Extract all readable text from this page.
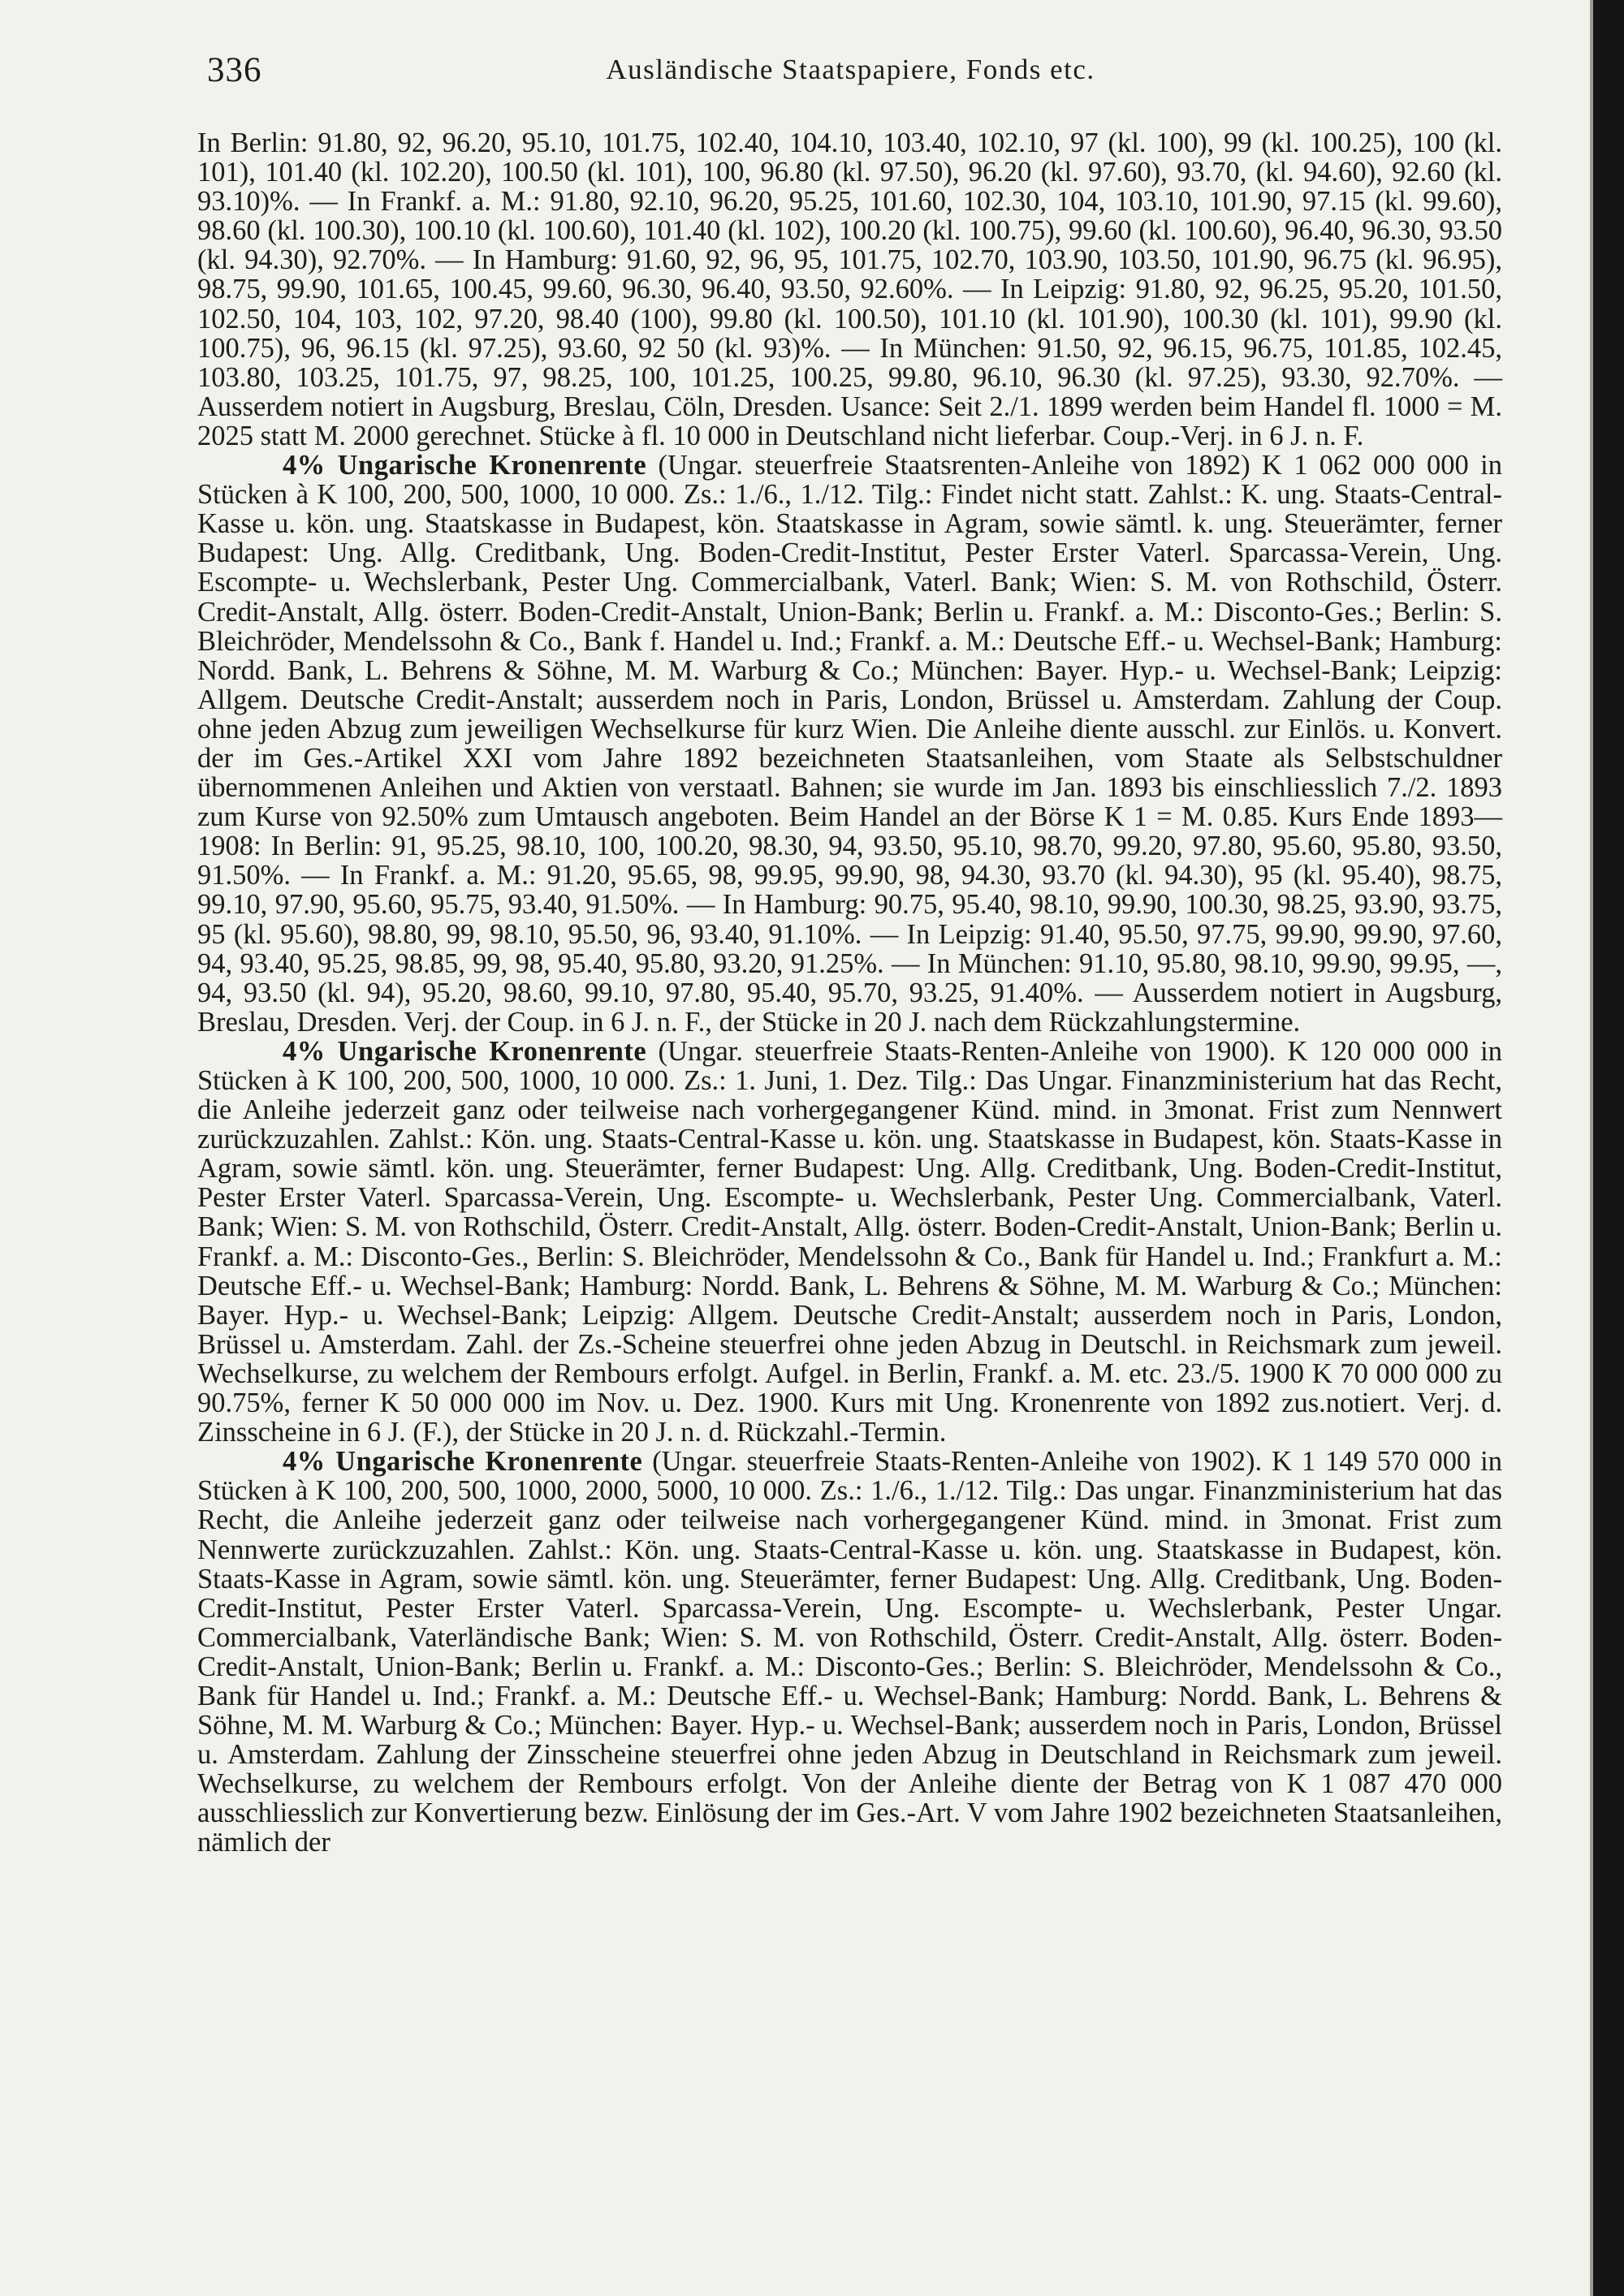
336	Ausländische Staatspapiere, Fonds etc.

In Berlin: 91.80, 92, 96.20, 95.10, 101.75, 102.40, 104.10, 103.40, 102.10, 97 (kl. 100), 99 (kl. 100.25), 100 (kl. 101), 101.40 (kl. 102.20), 100.50 (kl. 101), 100, 96.80 (kl. 97.50), 96.20 (kl. 97.60), 93.70, (kl. 94.60), 92.60 (kl. 93.10)%. — In Frankf. a. M.: 91.80, 92.10, 96.20, 95.25, 101.60, 102.30, 104, 103.10, 101.90, 97.15 (kl. 99.60), 98.60 (kl. 100.30), 100.10 (kl. 100.60), 101.40 (kl. 102), 100.20 (kl. 100.75), 99.60 (kl. 100.60), 96.40, 96.30, 93.50 (kl. 94.30), 92.70%. — In Hamburg: 91.60, 92, 96, 95, 101.75, 102.70, 103.90, 103.50, 101.90, 96.75 (kl. 96.95), 98.75, 99.90, 101.65, 100.45, 99.60, 96.30, 96.40, 93.50, 92.60%. — In Leipzig: 91.80, 92, 96.25, 95.20, 101.50, 102.50, 104, 103, 102, 97.20, 98.40 (100), 99.80 (kl. 100.50), 101.10 (kl. 101.90), 100.30 (kl. 101), 99.90 (kl. 100.75), 96, 96.15 (kl. 97.25), 93.60, 92 50 (kl. 93)%. — In München: 91.50, 92, 96.15, 96.75, 101.85, 102.45, 103.80, 103.25, 101.75, 97, 98.25, 100, 101.25, 100.25, 99.80, 96.10, 96.30 (kl. 97.25), 93.30, 92.70%. — Ausserdem notiert in Augsburg, Breslau, Cöln, Dresden. Usance: Seit 2./1. 1899 werden beim Handel fl. 1000 = M. 2025 statt M. 2000 gerechnet. Stücke à fl. 10 000 in Deutschland nicht lieferbar. Coup.-Verj. in 6 J. n. F.

4% Ungarische Kronenrente (Ungar. steuerfreie Staatsrenten-Anleihe von 1892) K 1 062 000 000 in Stücken à K 100, 200, 500, 1000, 10 000. Zs.: 1./6., 1./12. Tilg.: Findet nicht statt. Zahlst.: K. ung. Staats-Central-Kasse u. kön. ung. Staatskasse in Budapest, kön. Staatskasse in Agram, sowie sämtl. k. ung. Steuerämter, ferner Budapest: Ung. Allg. Creditbank, Ung. Boden-Credit-Institut, Pester Erster Vaterl. Sparcassa-Verein, Ung. Escompte- u. Wechslerbank, Pester Ung. Commercialbank, Vaterl. Bank; Wien: S. M. von Rothschild, Österr. Credit-Anstalt, Allg. österr. Boden-Credit-Anstalt, Union-Bank; Berlin u. Frankf. a. M.: Disconto-Ges.; Berlin: S. Bleichröder, Mendelssohn & Co., Bank f. Handel u. Ind.; Frankf. a. M.: Deutsche Eff.- u. Wechsel-Bank; Hamburg: Nordd. Bank, L. Behrens & Söhne, M. M. Warburg & Co.; München: Bayer. Hyp.- u. Wechsel-Bank; Leipzig: Allgem. Deutsche Credit-Anstalt; ausserdem noch in Paris, London, Brüssel u. Amsterdam. Zahlung der Coup. ohne jeden Abzug zum jeweiligen Wechselkurse für kurz Wien. Die Anleihe diente ausschl. zur Einlös. u. Konvert. der im Ges.-Artikel XXI vom Jahre 1892 bezeichneten Staatsanleihen, vom Staate als Selbstschuldner übernommenen Anleihen und Aktien von verstaatl. Bahnen; sie wurde im Jan. 1893 bis einschliesslich 7./2. 1893 zum Kurse von 92.50% zum Umtausch angeboten. Beim Handel an der Börse K 1 = M. 0.85. Kurs Ende 1893—1908: In Berlin: 91, 95.25, 98.10, 100, 100.20, 98.30, 94, 93.50, 95.10, 98.70, 99.20, 97.80, 95.60, 95.80, 93.50, 91.50%. — In Frankf. a. M.: 91.20, 95.65, 98, 99.95, 99.90, 98, 94.30, 93.70 (kl. 94.30), 95 (kl. 95.40), 98.75, 99.10, 97.90, 95.60, 95.75, 93.40, 91.50%. — In Hamburg: 90.75, 95.40, 98.10, 99.90, 100.30, 98.25, 93.90, 93.75, 95 (kl. 95.60), 98.80, 99, 98.10, 95.50, 96, 93.40, 91.10%. — In Leipzig: 91.40, 95.50, 97.75, 99.90, 99.90, 97.60, 94, 93.40, 95.25, 98.85, 99, 98, 95.40, 95.80, 93.20, 91.25%. — In München: 91.10, 95.80, 98.10, 99.90, 99.95, —, 94, 93.50 (kl. 94), 95.20, 98.60, 99.10, 97.80, 95.40, 95.70, 93.25, 91.40%. — Ausserdem notiert in Augsburg, Breslau, Dresden. Verj. der Coup. in 6 J. n. F., der Stücke in 20 J. nach dem Rückzahlungstermine.

4% Ungarische Kronenrente (Ungar. steuerfreie Staats-Renten-Anleihe von 1900). K 120 000 000 in Stücken à K 100, 200, 500, 1000, 10 000. Zs.: 1. Juni, 1. Dez. Tilg.: Das Ungar. Finanzministerium hat das Recht, die Anleihe jederzeit ganz oder teilweise nach vorhergegangener Künd. mind. in 3monat. Frist zum Nennwert zurückzuzahlen. Zahlst.: Kön. ung. Staats-Central-Kasse u. kön. ung. Staatskasse in Budapest, kön. Staats-Kasse in Agram, sowie sämtl. kön. ung. Steuerämter, ferner Budapest: Ung. Allg. Creditbank, Ung. Boden-Credit-Institut, Pester Erster Vaterl. Sparcassa-Verein, Ung. Escompte- u. Wechslerbank, Pester Ung. Commercialbank, Vaterl. Bank; Wien: S. M. von Rothschild, Österr. Credit-Anstalt, Allg. österr. Boden-Credit-Anstalt, Union-Bank; Berlin u. Frankf. a. M.: Disconto-Ges., Berlin: S. Bleichröder, Mendelssohn & Co., Bank für Handel u. Ind.; Frankfurt a. M.: Deutsche Eff.- u. Wechsel-Bank; Hamburg: Nordd. Bank, L. Behrens & Söhne, M. M. Warburg & Co.; München: Bayer. Hyp.- u. Wechsel-Bank; Leipzig: Allgem. Deutsche Credit-Anstalt; ausserdem noch in Paris, London, Brüssel u. Amsterdam. Zahl. der Zs.-Scheine steuerfrei ohne jeden Abzug in Deutschl. in Reichsmark zum jeweil. Wechselkurse, zu welchem der Rembours erfolgt. Aufgel. in Berlin, Frankf. a. M. etc. 23./5. 1900 K 70 000 000 zu 90.75%, ferner K 50 000 000 im Nov. u. Dez. 1900. Kurs mit Ung. Kronenrente von 1892 zus.notiert. Verj. d. Zinsscheine in 6 J. (F.), der Stücke in 20 J. n. d. Rückzahl.-Termin.

4% Ungarische Kronenrente (Ungar. steuerfreie Staats-Renten-Anleihe von 1902). K 1 149 570 000 in Stücken à K 100, 200, 500, 1000, 2000, 5000, 10 000. Zs.: 1./6., 1./12. Tilg.: Das ungar. Finanzministerium hat das Recht, die Anleihe jederzeit ganz oder teilweise nach vorhergegangener Künd. mind. in 3monat. Frist zum Nennwerte zurückzuzahlen. Zahlst.: Kön. ung. Staats-Central-Kasse u. kön. ung. Staatskasse in Budapest, kön. Staats-Kasse in Agram, sowie sämtl. kön. ung. Steuerämter, ferner Budapest: Ung. Allg. Creditbank, Ung. Boden-Credit-Institut, Pester Erster Vaterl. Sparcassa-Verein, Ung. Escompte- u. Wechslerbank, Pester Ungar. Commercialbank, Vaterländische Bank; Wien: S. M. von Rothschild, Österr. Credit-Anstalt, Allg. österr. Boden-Credit-Anstalt, Union-Bank; Berlin u. Frankf. a. M.: Disconto-Ges.; Berlin: S. Bleichröder, Mendelssohn & Co., Bank für Handel u. Ind.; Frankf. a. M.: Deutsche Eff.- u. Wechsel-Bank; Hamburg: Nordd. Bank, L. Behrens & Söhne, M. M. Warburg & Co.; München: Bayer. Hyp.- u. Wechsel-Bank; ausserdem noch in Paris, London, Brüssel u. Amsterdam. Zahlung der Zinsscheine steuerfrei ohne jeden Abzug in Deutschland in Reichsmark zum jeweil. Wechselkurse, zu welchem der Rembours erfolgt. Von der Anleihe diente der Betrag von K 1 087 470 000 ausschliesslich zur Konvertierung bezw. Einlösung der im Ges.-Art. V vom Jahre 1902 bezeichneten Staatsanleihen, nämlich der
